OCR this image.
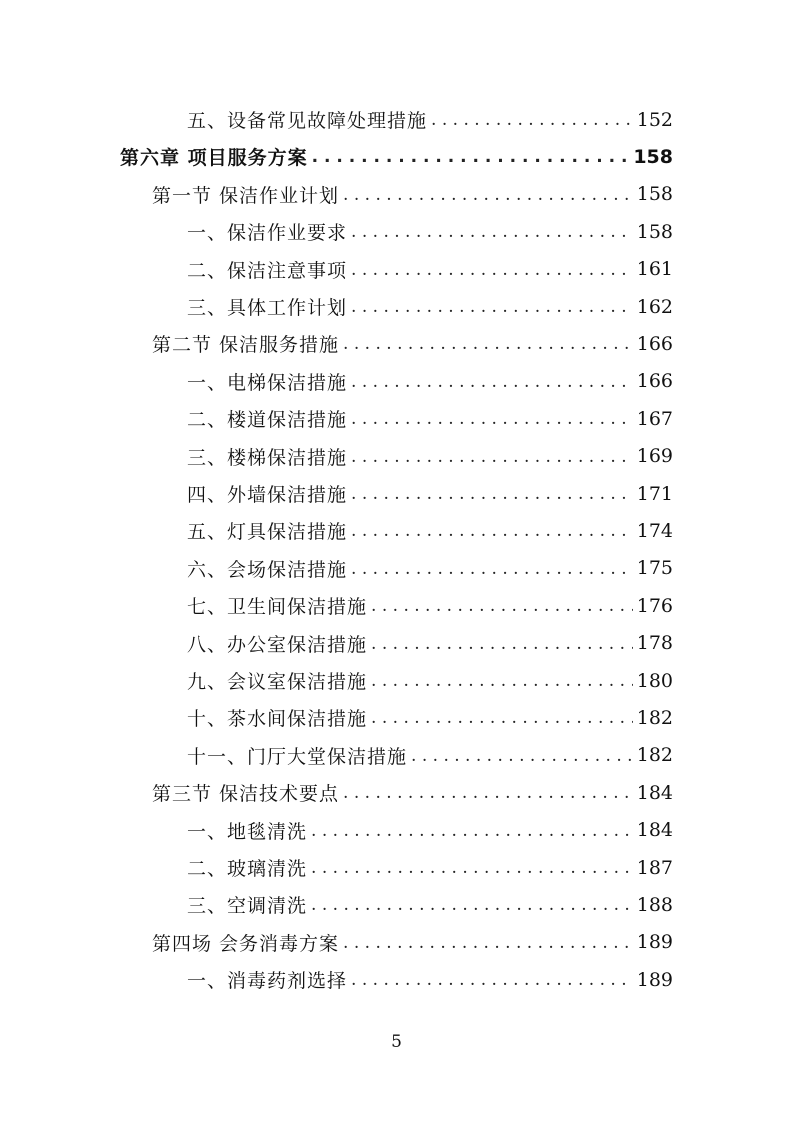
五、设备常见故障处理措施 . . .	152
第六章 项目服务方案 . . .	158
第一节 保洁作业计划 . . .	158
一、保洁作业要求 . . .	158
二、保洁注意事项 . . .	161
三、具体工作计划 . . .	162
第二节 保洁服务措施 . . .	166
一、电梯保洁措施 . . .	166
二、楼道保洁措施 . . .	167
三、楼梯保洁措施 . . .	169
四、外墙保洁措施 . . .	171
五、灯具保洁措施 . . .	174
六、会场保洁措施 . . .	175
七、卫生间保洁措施 . . .	176
八、办公室保洁措施 . . .	178
九、会议室保洁措施 . . .	180
十、茶水间保洁措施 . . .	182
十一、门厅大堂保洁措施 . . .	182
第三节 保洁技术要点 . . .	184
一、地毯清洗 . . .	184
二、玻璃清洗 . . .	187
三、空调清洗 . . .	188
第四场 会务消毒方案 . . .	189
一、消毒药剂选择 . . .	189
5
